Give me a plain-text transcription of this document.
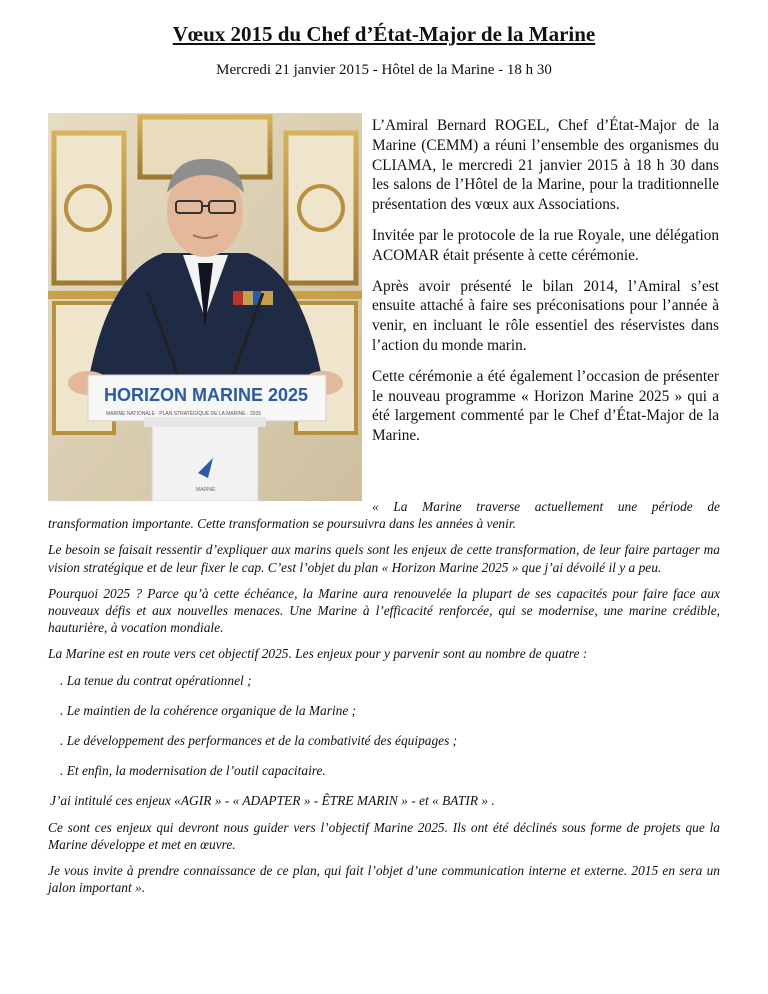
Vœux 2015 du Chef d’État-Major de la Marine
Mercredi 21 janvier 2015 - Hôtel de la Marine - 18 h 30
HORIZON MARINE 2025
MARINE NATIONALE · PLAN STRATÉGIQUE DE LA MARINE · 2025
MARINE

L’Amiral Bernard ROGEL, Chef d’État-Major de la Marine (CEMM) a réuni l’ensemble des organismes du CLIAMA, le mercredi 21 janvier 2015 à 18 h 30 dans les salons de l’Hôtel de la Marine, pour la traditionnelle présentation des vœux aux Associations.

Invitée par le protocole de la rue Royale, une délégation ACOMAR était présente à cette cérémonie.

Après avoir présenté le bilan 2014, l’Amiral s’est ensuite attaché à faire ses préconisations pour l’année à venir, en incluant le rôle essentiel des réservistes dans l’action du monde marin.

Cette cérémonie a été également l’occasion de présenter le nouveau programme « Horizon Marine 2025 » qui a été largement commenté par le Chef d’État-Major de la Marine.

« La Marine traverse actuellement une période de transformation importante. Cette transformation se poursuivra dans les années à venir.

Le besoin se faisait ressentir d’expliquer aux marins quels sont les enjeux de cette transformation, de leur faire partager ma vision stratégique et de leur fixer le cap. C’est l’objet du plan « Horizon Marine 2025 » que j’ai dévoilé il y a peu.

Pourquoi 2025 ? Parce qu’à cette échéance, la Marine aura renouvelée la plupart de ses capacités pour faire face aux nouveaux défis et aux nouvelles menaces. Une Marine à l’efficacité renforcée, qui se modernise, une marine crédible, hauturière, à vocation mondiale.

La Marine est en route vers cet objectif 2025. Les enjeux pour y parvenir sont au nombre de quatre :

. La tenue du contrat opérationnel ;

. Le maintien de la cohérence organique de la Marine ;

. Le développement des performances et de la combativité des équipages ;

. Et enfin, la modernisation de l’outil capacitaire.

J’ai intitulé ces enjeux «AGIR » - « ADAPTER » - ÊTRE MARIN » - et « BATIR » .

Ce sont ces enjeux qui devront nous guider vers l’objectif Marine 2025. Ils ont été déclinés sous forme de projets que la Marine développe et met en œuvre.

Je vous invite à prendre connaissance de ce plan, qui fait l’objet d’une communication interne et externe. 2015 en sera un jalon important ».
